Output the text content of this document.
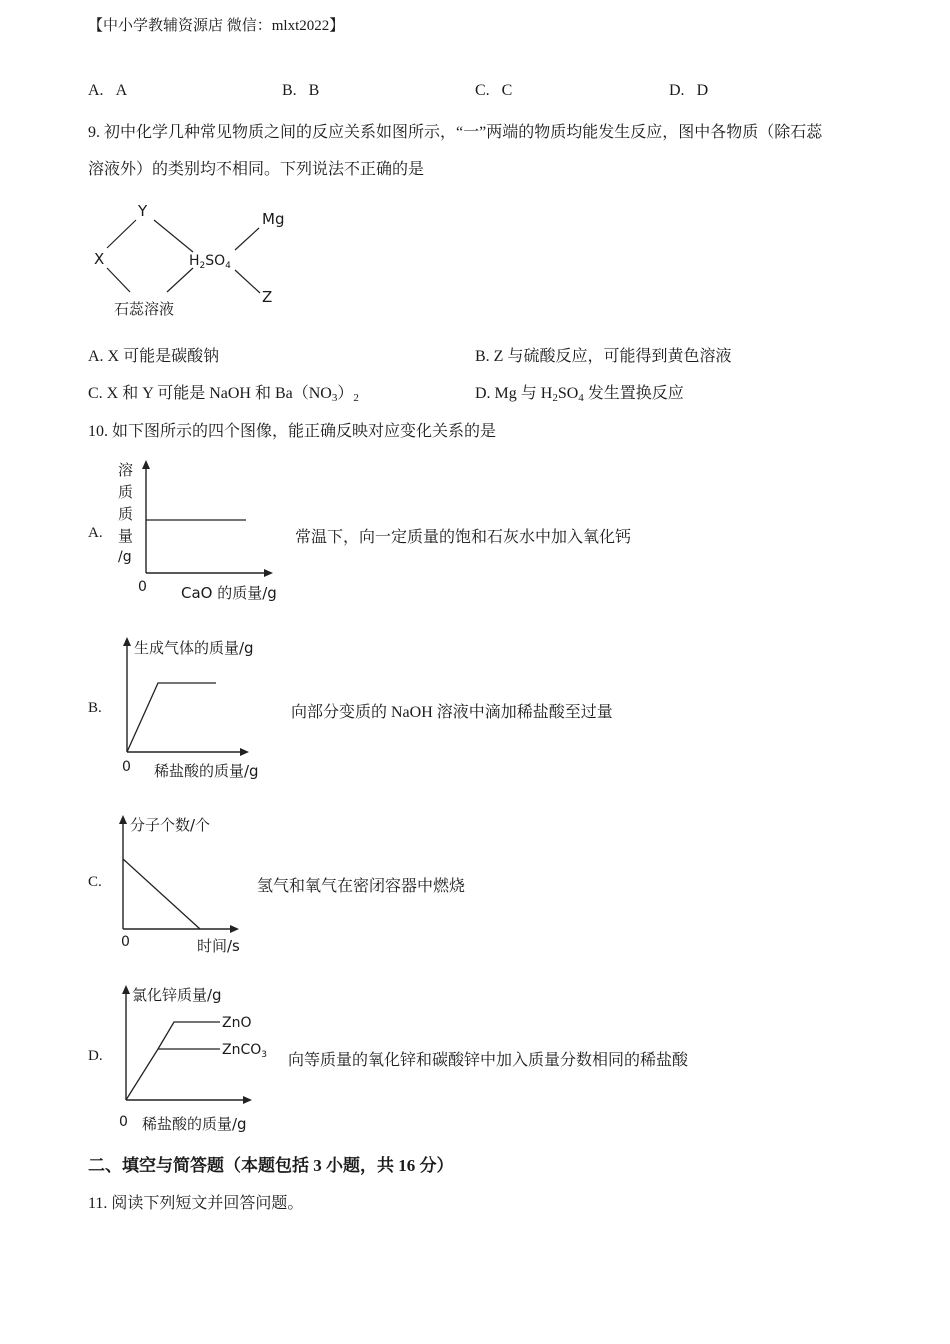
【中小学教辅资源店 微信：mlxt2022】
A. A	B. B	C. C	D. D
9. 初中化学几种常见物质之间的反应关系如图所示，“一”两端的物质均能发生反应，图中各物质（除石蕊
溶液外）的类别均不相同。下列说法不正确的是
Y	Mg
X	$H_2SO_4$
Z
石蕊溶液
A. X 可能是碳酸钠	B. Z 与硫酸反应，可能得到黄色溶液
C. X 和 Y 可能是 NaOH 和 $Ba(NO_3)_2$	D. Mg 与 $H_2SO_4$ 发生置换反应
10. 如下图所示的四个图像，能正确反映对应变化关系的是
A.
溶
质
质
量
/g
0 CaO 的质量/g
常温下，向一定质量的饱和石灰水中加入氧化钙
B.
生成气体的质量/g
0 稀盐酸的质量/g
向部分变质的 NaOH 溶液中滴加稀盐酸至过量
C.
分子个数/个
0	时间/s
氢气和氧气在密闭容器中燃烧
D.
氯化锌质量/g
ZnO
ZnCO$_3$
0 稀盐酸的质量/g
向等质量的氧化锌和碳酸锌中加入质量分数相同的稀盐酸
二、填空与简答题（本题包括 3 小题，共 16 分）
11. 阅读下列短文并回答问题。
